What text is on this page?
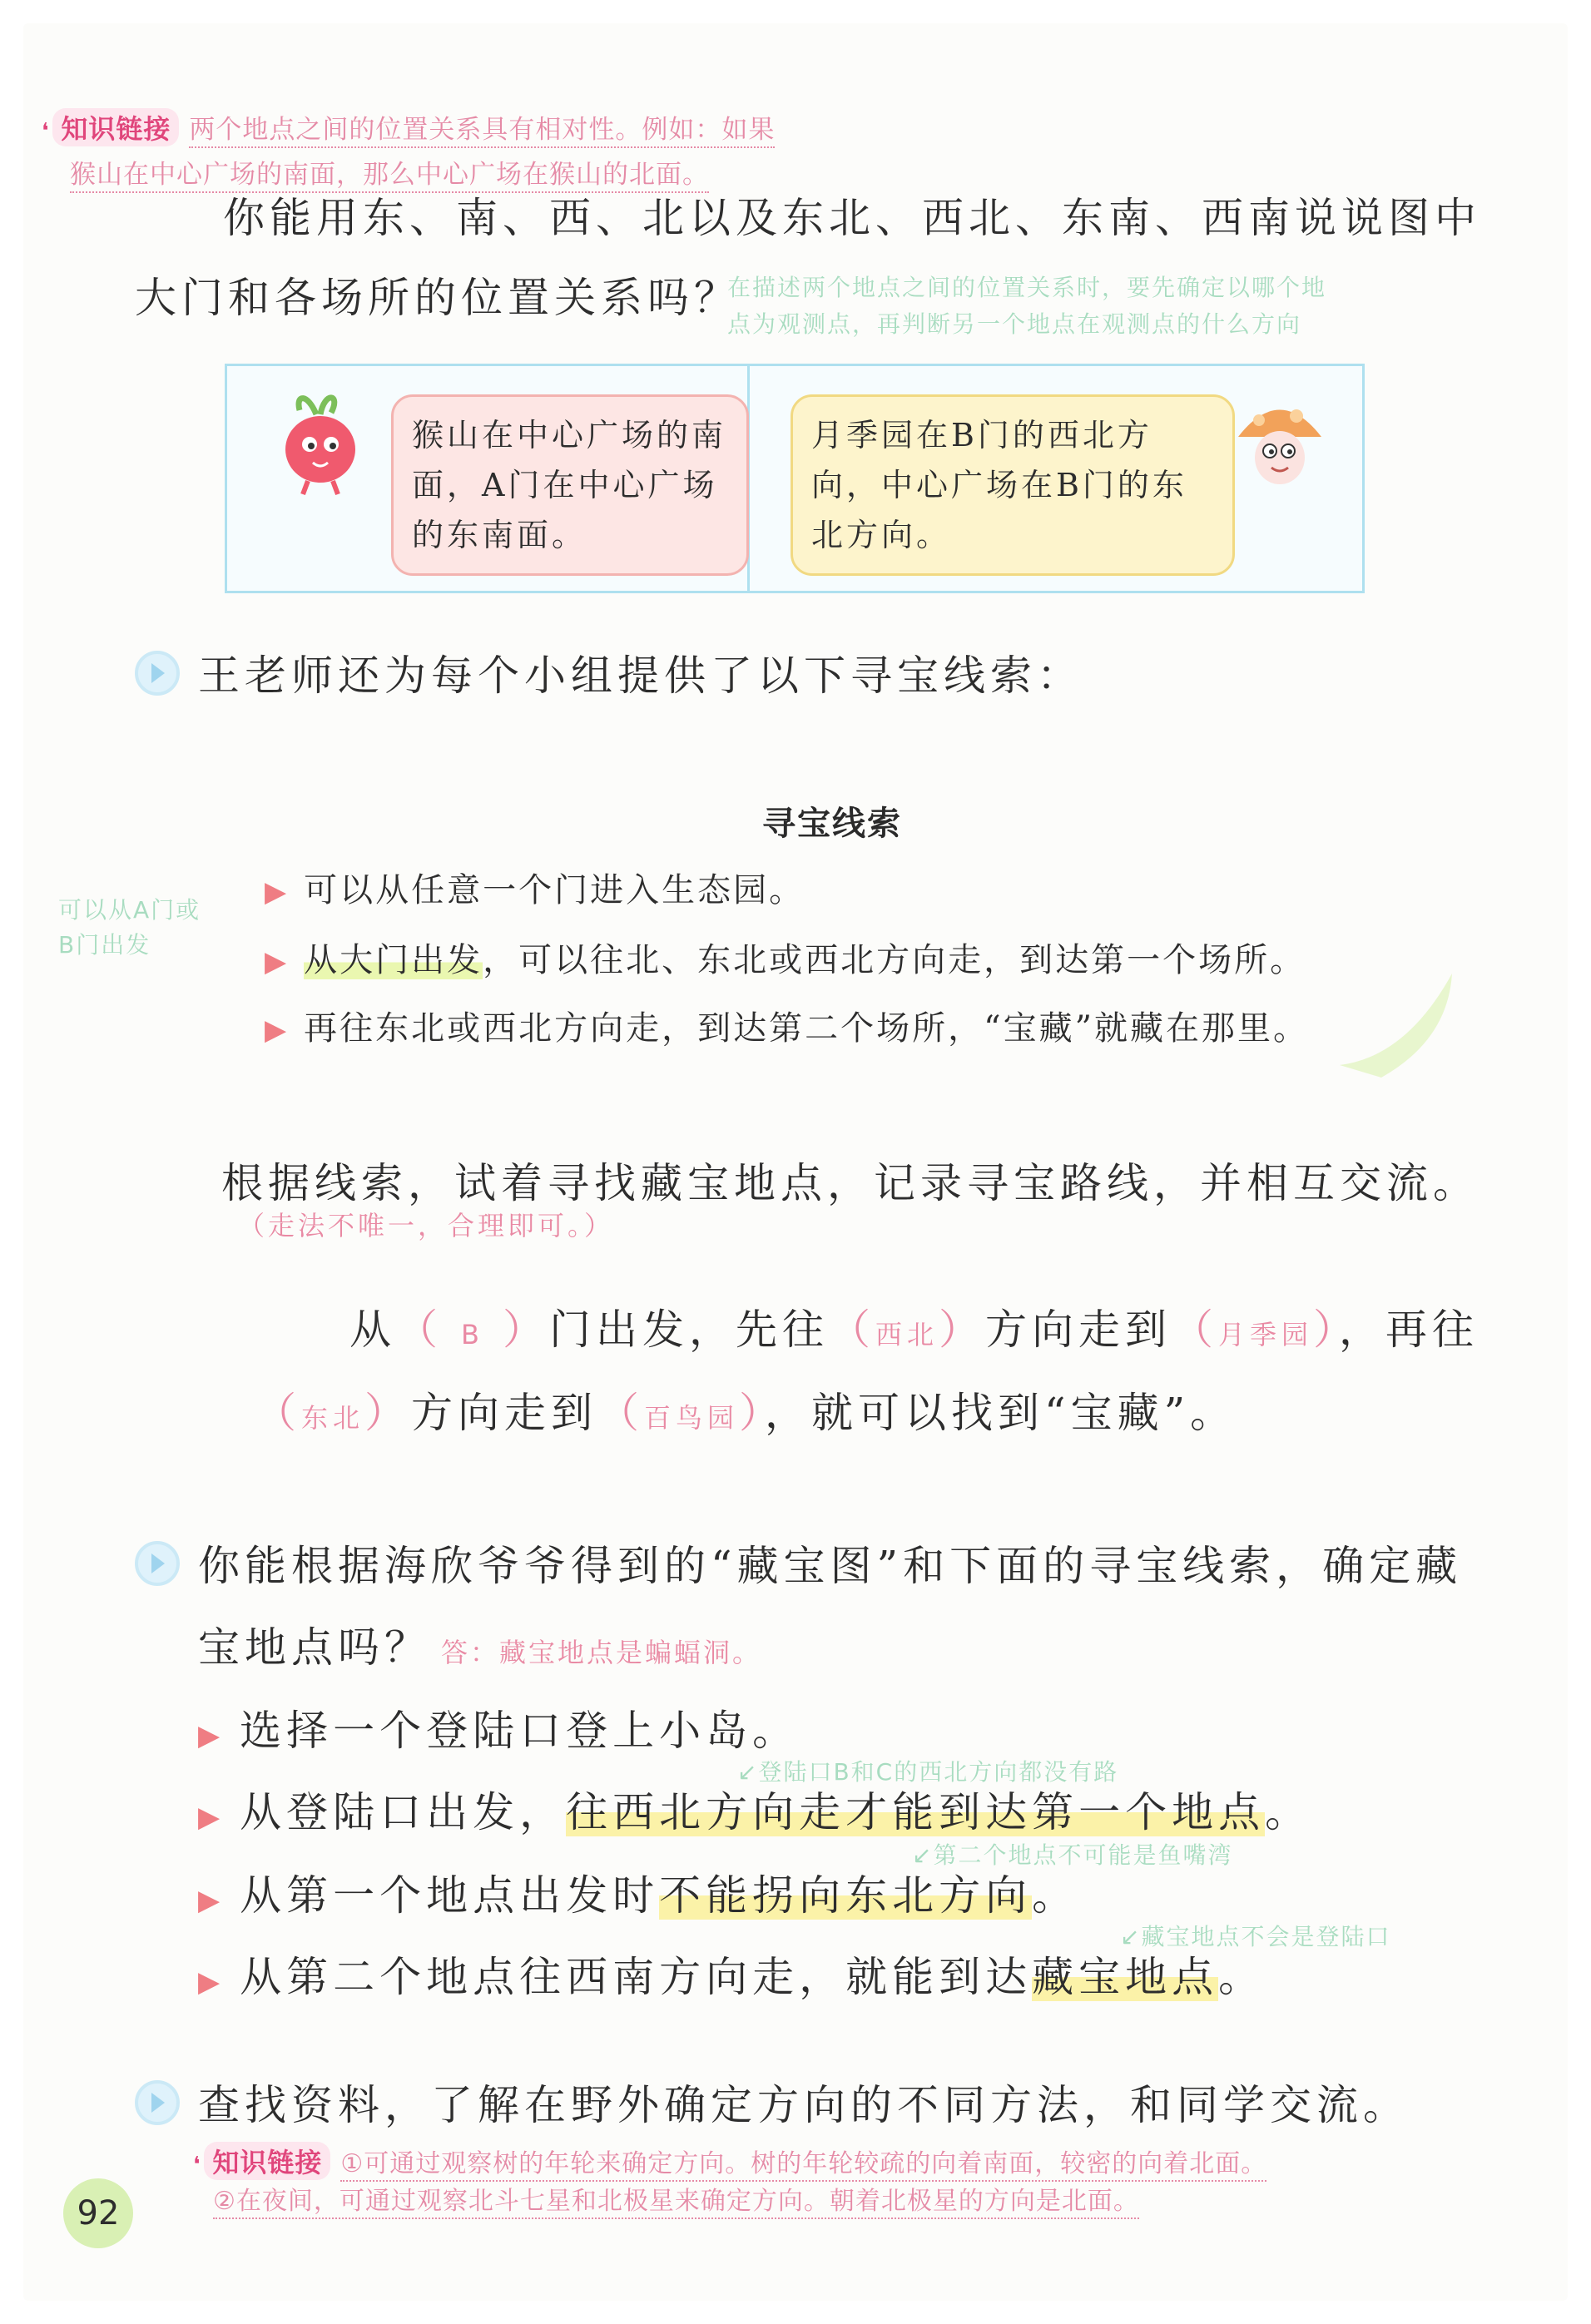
❛ 知识链接 两个地点之间的位置关系具有相对性。例如：如果
猴山在中心广场的南面，那么中心广场在猴山的北面。
你能用东、南、西、北以及东北、西北、东南、西南说说图中
大门和各场所的位置关系吗？
在描述两个地点之间的位置关系时，要先确定以哪个地
点为观测点，再判断另一个地点在观测点的什么方向
猴山在中心广场的南面，A门在中心广场的东南面。
月季园在B门的西北方向，中心广场在B门的东北方向。
王老师还为每个小组提供了以下寻宝线索：
寻宝线索
可以从A门或
B门出发
▶ 可以从任意一个门进入生态园。
▶ 从大门出发，可以往北、东北或西北方向走，到达第一个场所。
▶ 再往东北或西北方向走，到达第二个场所，“宝藏”就藏在那里。
根据线索，试着寻找藏宝地点，记录寻宝路线，并相互交流。
（走法不唯一，合理即可。）
从（ B ）门出发，先往（西北）方向走到（月季园），再往
（东北）方向走到（百鸟园），就可以找到“宝藏”。
你能根据海欣爷爷得到的“藏宝图”和下面的寻宝线索，确定藏
宝地点吗？ 答：藏宝地点是蝙蝠洞。
▶ 选择一个登陆口登上小岛。
↙登陆口B和C的西北方向都没有路
▶ 从登陆口出发，往西北方向走才能到达第一个地点。
↙第二个地点不可能是鱼嘴湾
▶ 从第一个地点出发时不能拐向东北方向。
↙藏宝地点不会是登陆口
▶ 从第二个地点往西南方向走，就能到达藏宝地点。
查找资料，了解在野外确定方向的不同方法，和同学交流。
❛ 知识链接 ①可通过观察树的年轮来确定方向。树的年轮较疏的向着南面，较密的向着北面。
②在夜间，可通过观察北斗七星和北极星来确定方向。朝着北极星的方向是北面。
92
